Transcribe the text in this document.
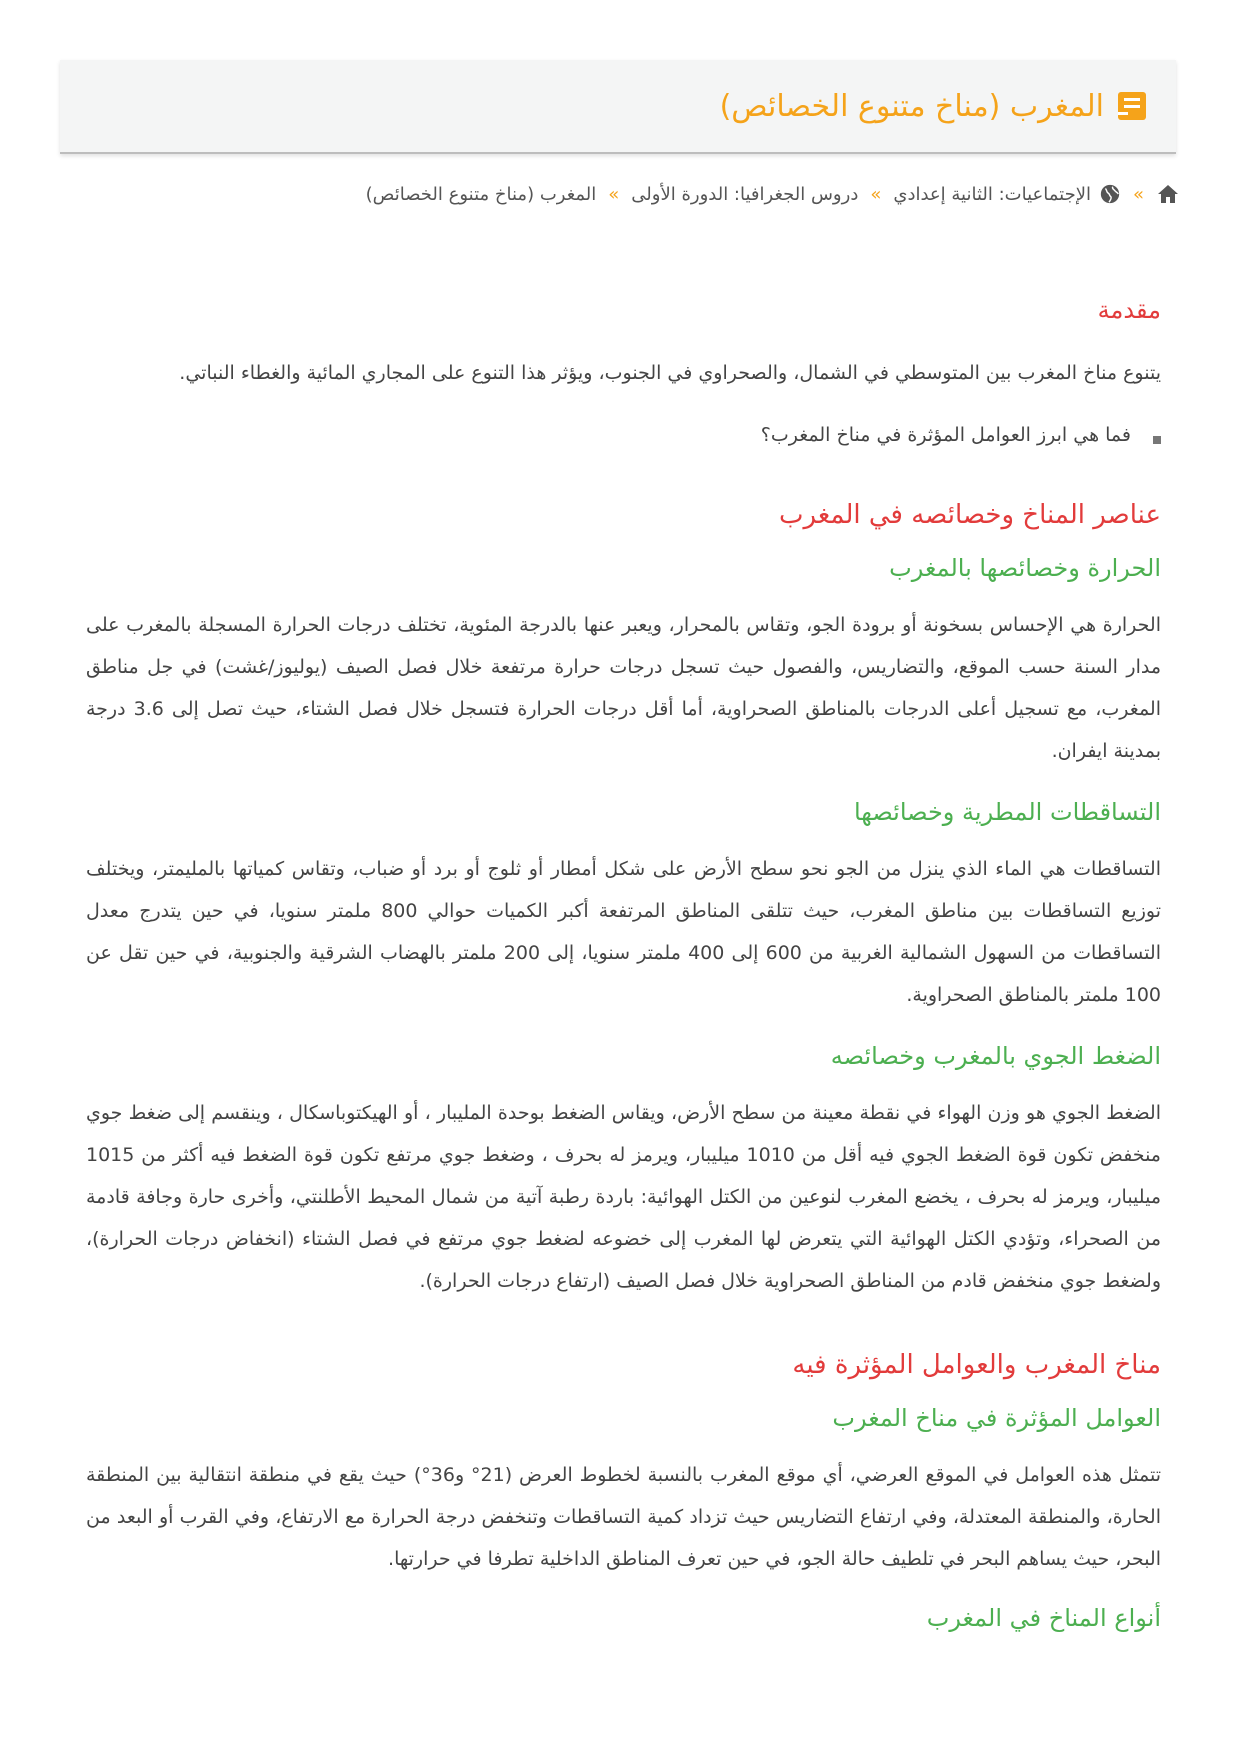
المغرب (مناخ متنوع الخصائص)
»
الإجتماعيات: الثانية إعدادي
»
دروس الجغرافيا: الدورة الأولى
»
المغرب (مناخ متنوع الخصائص)
مقدمة

يتنوع مناخ المغرب بين المتوسطي في الشمال، والصحراوي في الجنوب، ويؤثر هذا التنوع على المجاري المائية والغطاء النباتي.

فما هي ابرز العوامل المؤثرة في مناخ المغرب؟

عناصر المناخ وخصائصه في المغرب
الحرارة وخصائصها بالمغرب

الحرارة هي الإحساس بسخونة أو برودة الجو، وتقاس بالمحرار، ويعبر عنها بالدرجة المئوية، تختلف درجات الحرارة المسجلة بالمغرب على مدار السنة حسب الموقع، والتضاريس، والفصول حيث تسجل درجات حرارة مرتفعة خلال فصل الصيف (يوليوز/غشت) في جل مناطق المغرب، مع تسجيل أعلى الدرجات بالمناطق الصحراوية، أما أقل درجات الحرارة فتسجل خلال فصل الشتاء، حيث تصل إلى 3.6 درجة بمدينة ايفران.

التساقطات المطرية وخصائصها

التساقطات هي الماء الذي ينزل من الجو نحو سطح الأرض على شكل أمطار أو ثلوج أو برد أو ضباب، وتقاس كمياتها بالمليمتر، ويختلف توزيع التساقطات بين مناطق المغرب، حيث تتلقى المناطق المرتفعة أكبر الكميات حوالي 800 ملمتر سنويا، في حين يتدرج معدل التساقطات من السهول الشمالية الغربية من 600 إلى 400 ملمتر سنويا، إلى 200 ملمتر بالهضاب الشرقية والجنوبية، في حين تقل عن 100 ملمتر بالمناطق الصحراوية.

الضغط الجوي بالمغرب وخصائصه

الضغط الجوي هو وزن الهواء في نقطة معينة من سطح الأرض، ويقاس الضغط بوحدة المليبار ، أو الهيكتوباسكال ، وينقسم إلى ضغط جوي منخفض تكون قوة الضغط الجوي فيه أقل من 1010 ميليبار، ويرمز له بحرف ، وضغط جوي مرتفع تكون قوة الضغط فيه أكثر من 1015 ميليبار، ويرمز له بحرف ، يخضع المغرب لنوعين من الكتل الهوائية: باردة رطبة آتية من شمال المحيط الأطلنتي، وأخرى حارة وجافة قادمة من الصحراء، وتؤدي الكتل الهوائية التي يتعرض لها المغرب إلى خضوعه لضغط جوي مرتفع في فصل الشتاء (انخفاض درجات الحرارة)، ولضغط جوي منخفض قادم من المناطق الصحراوية خلال فصل الصيف (ارتفاع درجات الحرارة).

مناخ المغرب والعوامل المؤثرة فيه
العوامل المؤثرة في مناخ المغرب

تتمثل هذه العوامل في الموقع العرضي، أي موقع المغرب بالنسبة لخطوط العرض (21° و36°) حيث يقع في منطقة انتقالية بين المنطقة الحارة، والمنطقة المعتدلة، وفي ارتفاع التضاريس حيث تزداد كمية التساقطات وتنخفض درجة الحرارة مع الارتفاع، وفي القرب أو البعد من البحر، حيث يساهم البحر في تلطيف حالة الجو، في حين تعرف المناطق الداخلية تطرفا في حرارتها.

أنواع المناخ في المغرب
